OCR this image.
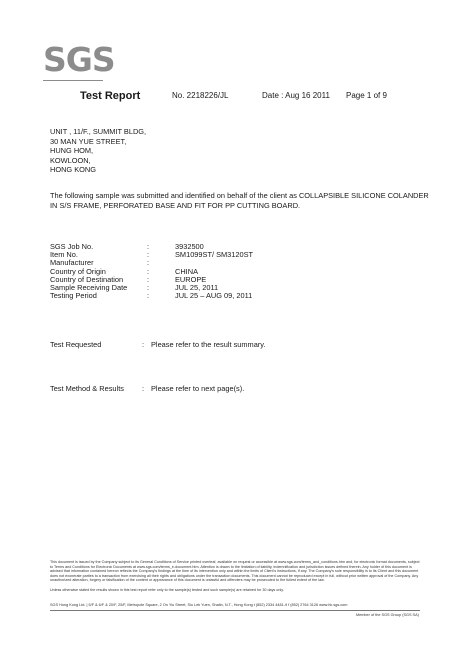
SGS
Test Report	No. 2218226/JL	Date : Aug 16 2011 Page 1 of 9
UNIT , 11/F., SUMMIT BLDG,
30 MAN YUE STREET,
HUNG HOM,
KOWLOON,
HONG KONG
The following sample was submitted and identified on behalf of the client as COLLAPSIBLE SILICONE COLANDER IN S/S FRAME, PERFORATED BASE AND FIT FOR PP CUTTING BOARD.
SGS Job No.	:	3932500
Item No.	:	SM1099ST/ SM3120ST
Manufacturer	:
Country of Origin	:	CHINA
Country of Destination	:	EUROPE
Sample Receiving Date	:	JUL 25, 2011
Testing Period	:	JUL 25 – AUG 09, 2011
Test Requested	: Please refer to the result summary.
Test Method & Results : Please refer to next page(s).
This document is issued by the Company subject to its General Conditions of Service printed overleaf, available on request or accessible at www.sgs.com/terms_and_conditions.htm and, for electronic format documents, subject to Terms and Conditions for Electronic Documents at www.sgs.com/terms_e-document.htm. Attention is drawn to the limitation of liability, indemnification and jurisdiction issues defined therein. Any holder of this document is advised that information contained hereon reflects the Company's findings at the time of its intervention only and within the limits of Client's instructions, if any. The Company's sole responsibility is to its Client and this document does not exonerate parties to a transaction from exercising all their rights and obligations under the transaction documents. This document cannot be reproduced except in full, without prior written approval of the Company. Any unauthorized alteration, forgery or falsification of the content or appearance of this document is unlawful and offenders may be prosecuted to the fullest extent of the law.
Unless otherwise stated the results shown in this test report refer only to the sample(s) tested and such sample(s) are retained for 30 days only.
SGS Hong Kong Ltd. | 5/F & 6/F & 20/F, 25/F, Metropole Square, 2 On Yiu Street, Siu Lek Yuen, Shatin, N.T., Hong Kong t (852) 2334 4481-9 f (852) 2764 3126 www.hk.sgs.com
Member of the SGS Group (SGS SA)
